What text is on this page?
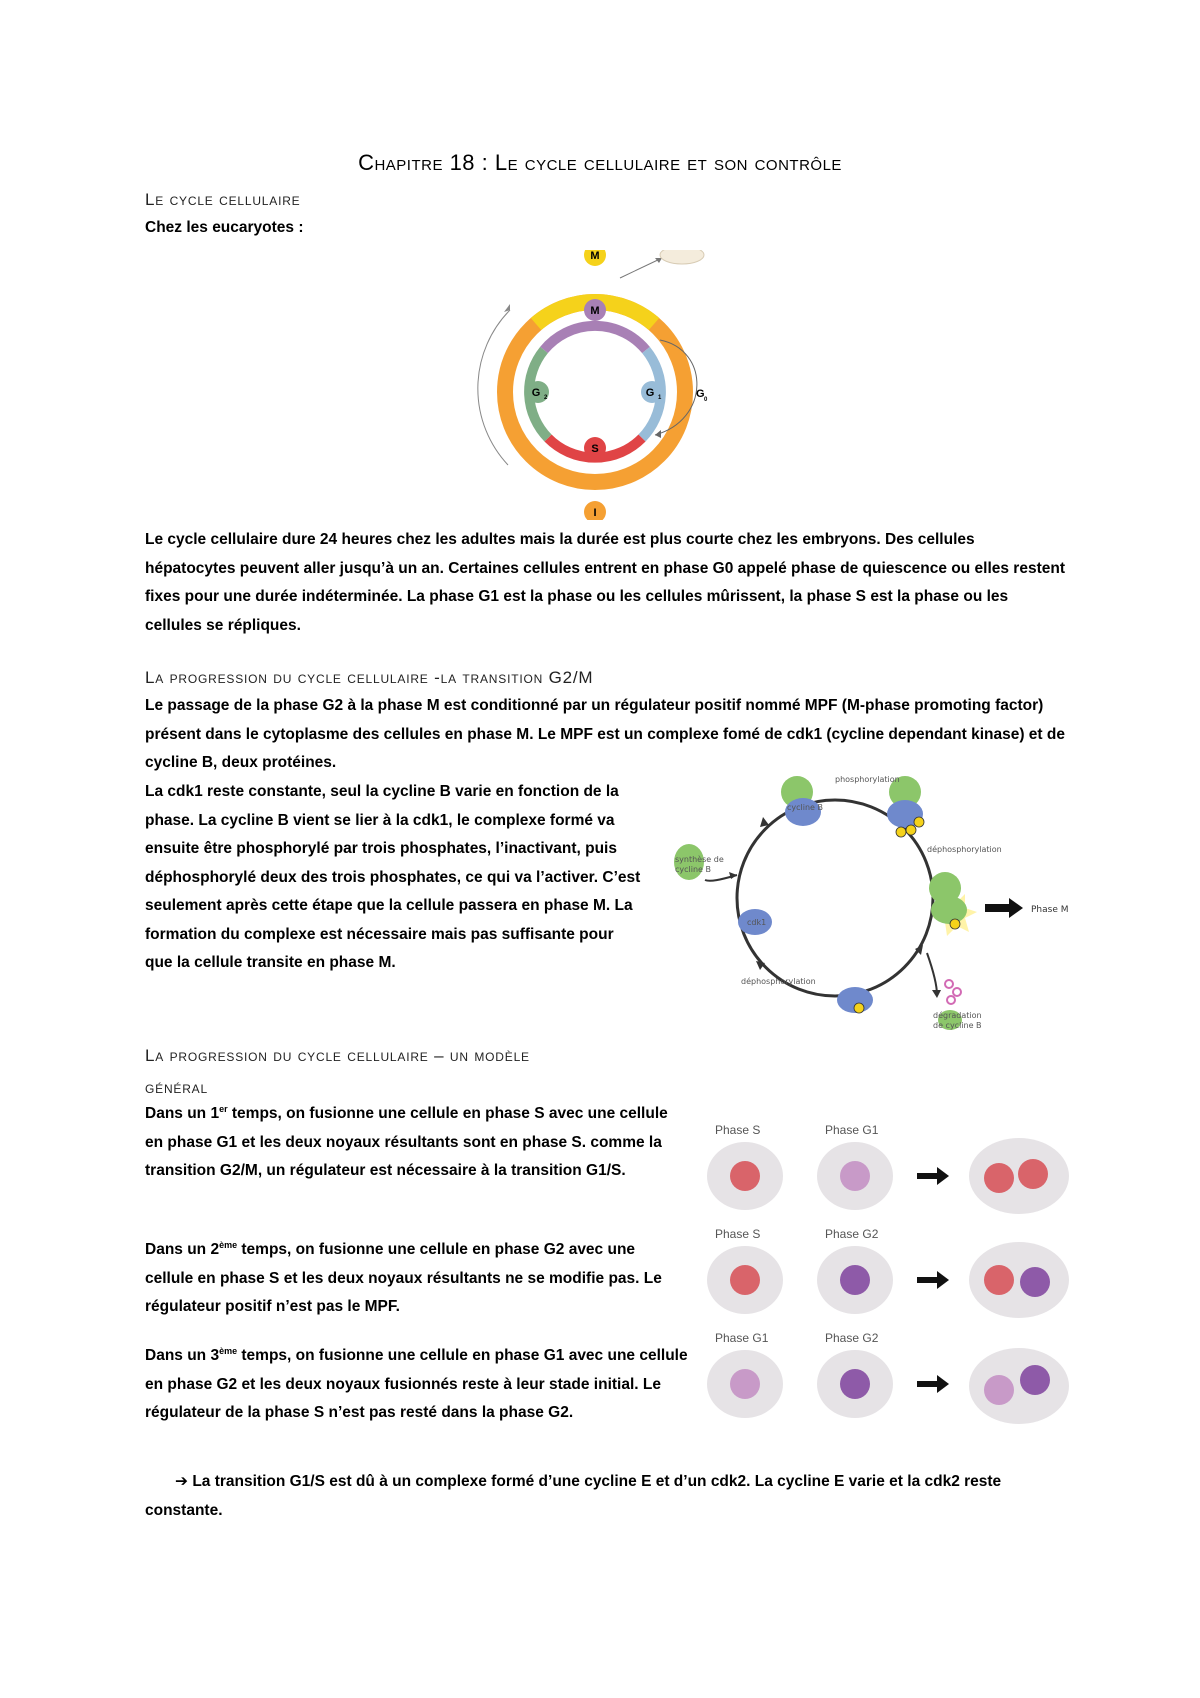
Chapitre 18 : Le cycle cellulaire et son contrôle
Le cycle cellulaire
Chez les eucaryotes :
M
I
M
G 2	G 1
S
G 0
Le cycle cellulaire dure 24 heures chez les adultes mais la durée est plus courte chez les embryons. Des cellules hépatocytes peuvent aller jusqu’à un an. Certaines cellules entrent en phase G0 appelé phase de quiescence ou elles restent fixes pour une durée indéterminée. La phase G1 est la phase ou les cellules mûrissent, la phase S est la phase ou les cellules se répliques.
La progression du cycle cellulaire -la transition G2/M
Le passage de la phase G2 à la phase M est conditionné par un régulateur positif nommé MPF (M-phase promoting factor) présent dans le cytoplasme des cellules en phase M. Le MPF est un complexe fomé de cdk1 (cycline dependant kinase) et de cycline B, deux protéines.
La cdk1 reste constante, seul la cycline B varie en fonction de la phase. La cycline B vient se lier à la cdk1, le complexe formé va ensuite être phosphorylé par trois phosphates, l’inactivant, puis déphosphorylé deux des trois phosphates, ce qui va l’activer. C’est seulement après cette étape que la cellule passera en phase M. La formation du complexe est nécessaire mais pas suffisante pour que la cellule transite en phase M.
phosphorylation
déphosphorylation
synthèse de
cycline B
cycline B
cdk1
Phase M
déphosphorylation
dégradation
de cycline B
La progression du cycle cellulaire – un modèle
général
Dans un 1er temps, on fusionne une cellule en phase S avec une cellule en phase G1 et les deux noyaux résultants sont en phase S. comme la transition G2/M, un régulateur est nécessaire à la transition G1/S.
Dans un 2ème temps, on fusionne une cellule en phase G2 avec une cellule en phase S et les deux noyaux résultants ne se modifie pas. Le régulateur positif n’est pas le MPF.
Dans un 3ème temps, on fusionne une cellule en phase G1 avec une cellule en phase G2 et les deux noyaux fusionnés reste à leur stade initial. Le régulateur de la phase S n’est pas resté dans la phase G2.
Phase S	Phase G1
Phase S	Phase G2
Phase G1	Phase G2
➔ La transition G1/S est dû à un complexe formé d’une cycline E et d’un cdk2. La cycline E varie et la cdk2 reste constante.
